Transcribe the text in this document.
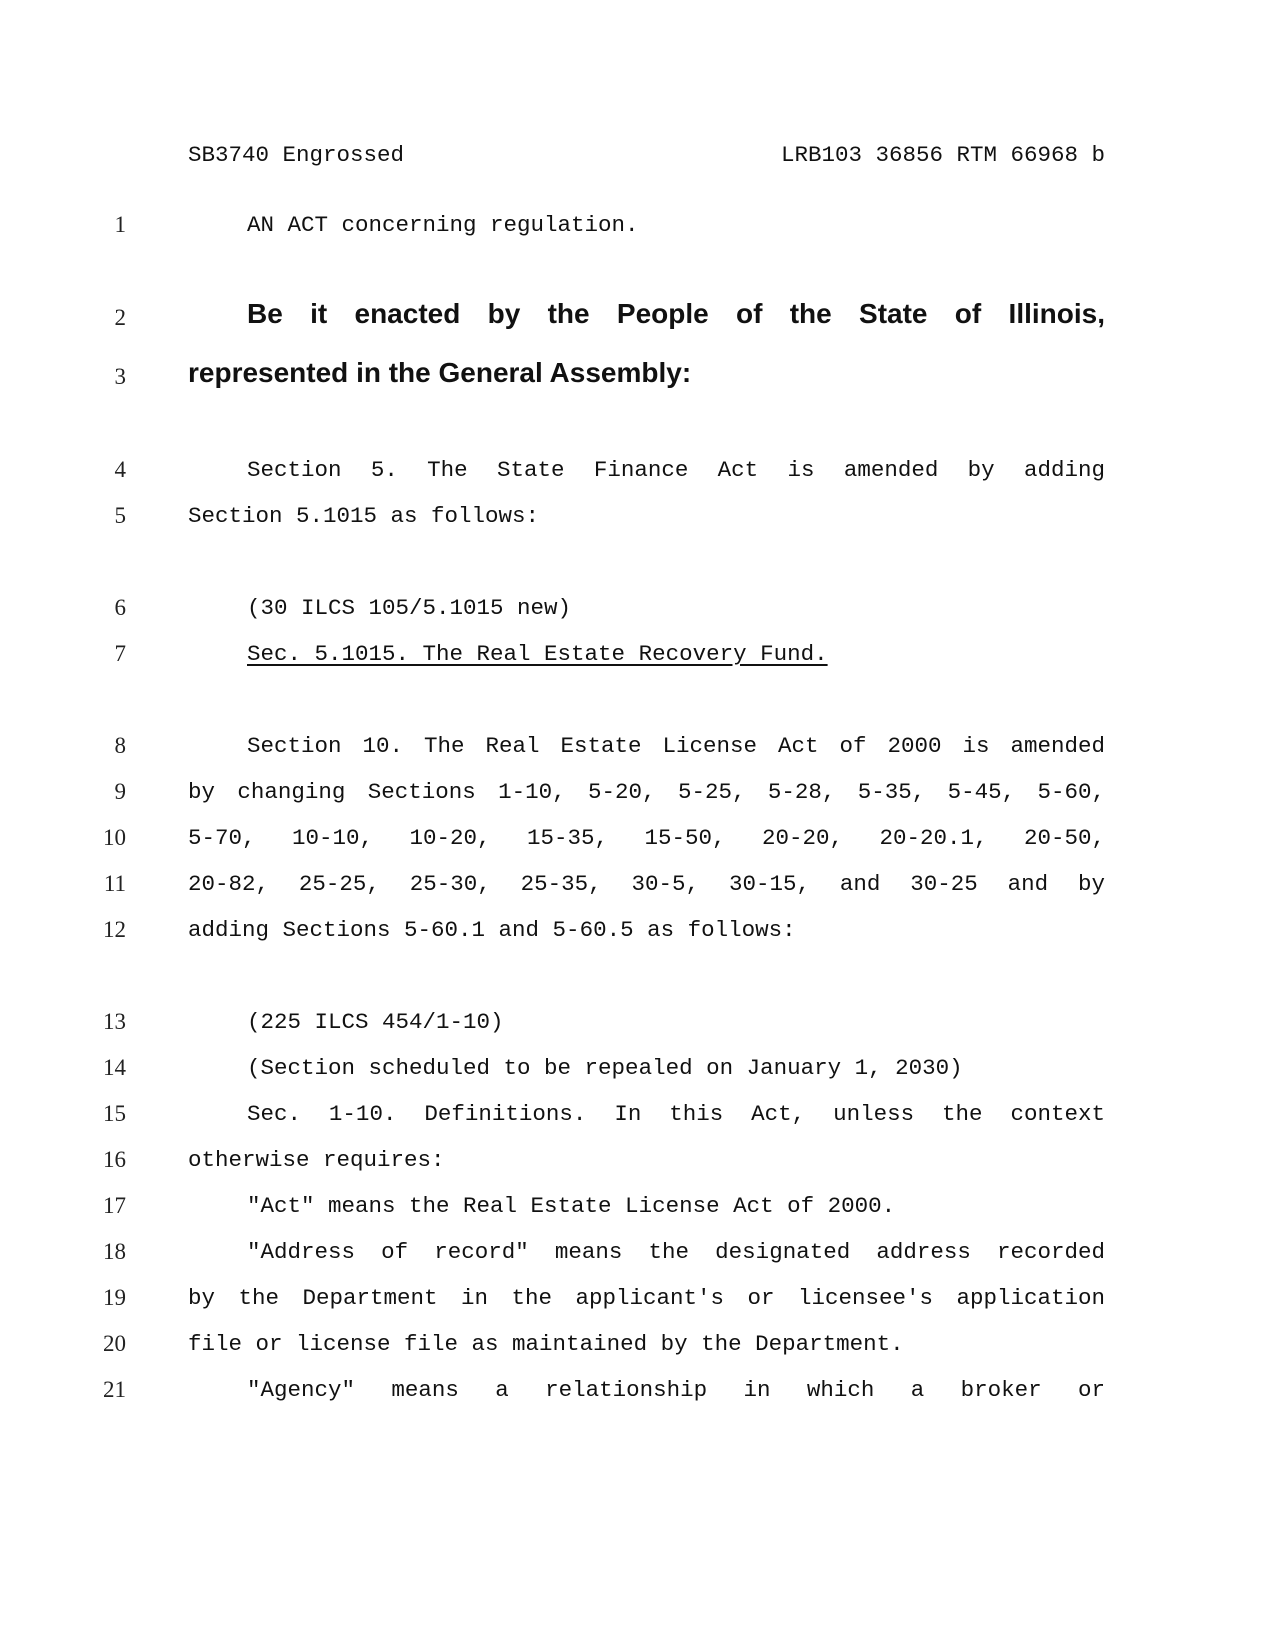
SB3740 Engrossed	LRB103 36856 RTM 66968 b
1	AN ACT concerning regulation.
2	Be it enacted by the People of the State of Illinois,
3 represented in the General Assembly:
4	Section 5. The State Finance Act is amended by adding
5	Section 5.1015 as follows:
6	(30 ILCS 105/5.1015 new)
7	Sec. 5.1015. The Real Estate Recovery Fund.
8	Section 10. The Real Estate License Act of 2000 is amended
9	by changing Sections 1-10, 5-20, 5-25, 5-28, 5-35, 5-45, 5-60,
10	5-70, 10-10, 10-20, 15-35, 15-50, 20-20, 20-20.1, 20-50,
11	20-82, 25-25, 25-30, 25-35, 30-5, 30-15, and 30-25 and by
12	adding Sections 5-60.1 and 5-60.5 as follows:
13	(225 ILCS 454/1-10)
14	(Section scheduled to be repealed on January 1, 2030)
15	Sec. 1-10. Definitions. In this Act, unless the context
16	otherwise requires:
17	"Act" means the Real Estate License Act of 2000.
18	"Address of record" means the designated address recorded
19	by the Department in the applicant's or licensee's application
20	file or license file as maintained by the Department.
21	"Agency" means a relationship in which a broker or
